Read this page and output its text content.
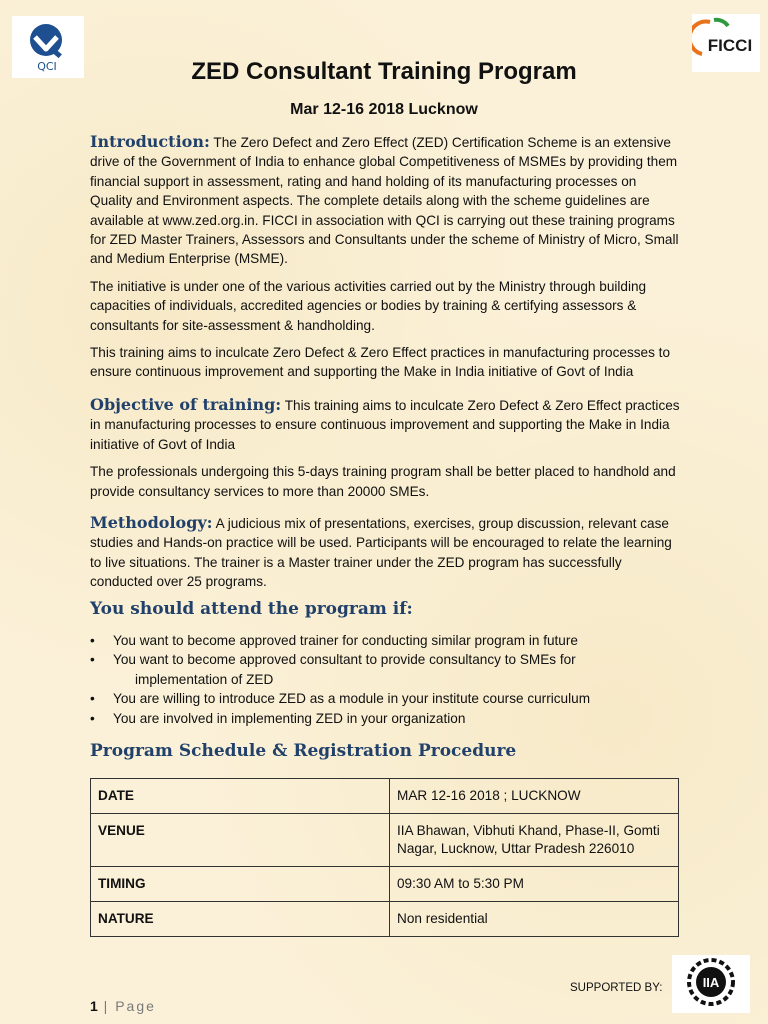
QCI
FICCI
ZED Consultant Training Program
Mar 12-16 2018 Lucknow

Introduction: The Zero Defect and Zero Effect (ZED) Certification Scheme is an extensive drive of the Government of India to enhance global Competitiveness of MSMEs by providing them financial support in assessment, rating and hand holding of its manufacturing processes on Quality and Environment aspects. The complete details along with the scheme guidelines are available at www.zed.org.in. FICCI in association with QCI is carrying out these training programs for ZED Master Trainers, Assessors and Consultants under the scheme of Ministry of Micro, Small and Medium Enterprise (MSME).

The initiative is under one of the various activities carried out by the Ministry through building capacities of individuals, accredited agencies or bodies by training & certifying assessors & consultants for site-assessment & handholding.

This training aims to inculcate Zero Defect & Zero Effect practices in manufacturing processes to ensure continuous improvement and supporting the Make in India initiative of Govt of India

Objective of training: This training aims to inculcate Zero Defect & Zero Effect practices in manufacturing processes to ensure continuous improvement and supporting the Make in India initiative of Govt of India

The professionals undergoing this 5-days training program shall be better placed to handhold and provide consultancy services to more than 20000 SMEs.

Methodology: A judicious mix of presentations, exercises, group discussion, relevant case studies and Hands-on practice will be used. Participants will be encouraged to relate the learning to live situations. The trainer is a Master trainer under the ZED program has successfully conducted over 25 programs.

You should attend the program if:
• You want to become approved trainer for conducting similar program in future
• You want to become approved consultant to provide consultancy to SMEs for
implementation of ZED
• You are willing to introduce ZED as a module in your institute course curriculum
• You are involved in implementing ZED in your organization
Program Schedule & Registration Procedure
DATE	MAR 12-16 2018 ; LUCKNOW
VENUE	IIA Bhawan, Vibhuti Khand, Phase-II, Gomti Nagar, Lucknow, Uttar Pradesh 226010
TIMING	09:30 AM to 5:30 PM
NATURE	Non residential
SUPPORTED BY:	IIA
1 | Page
